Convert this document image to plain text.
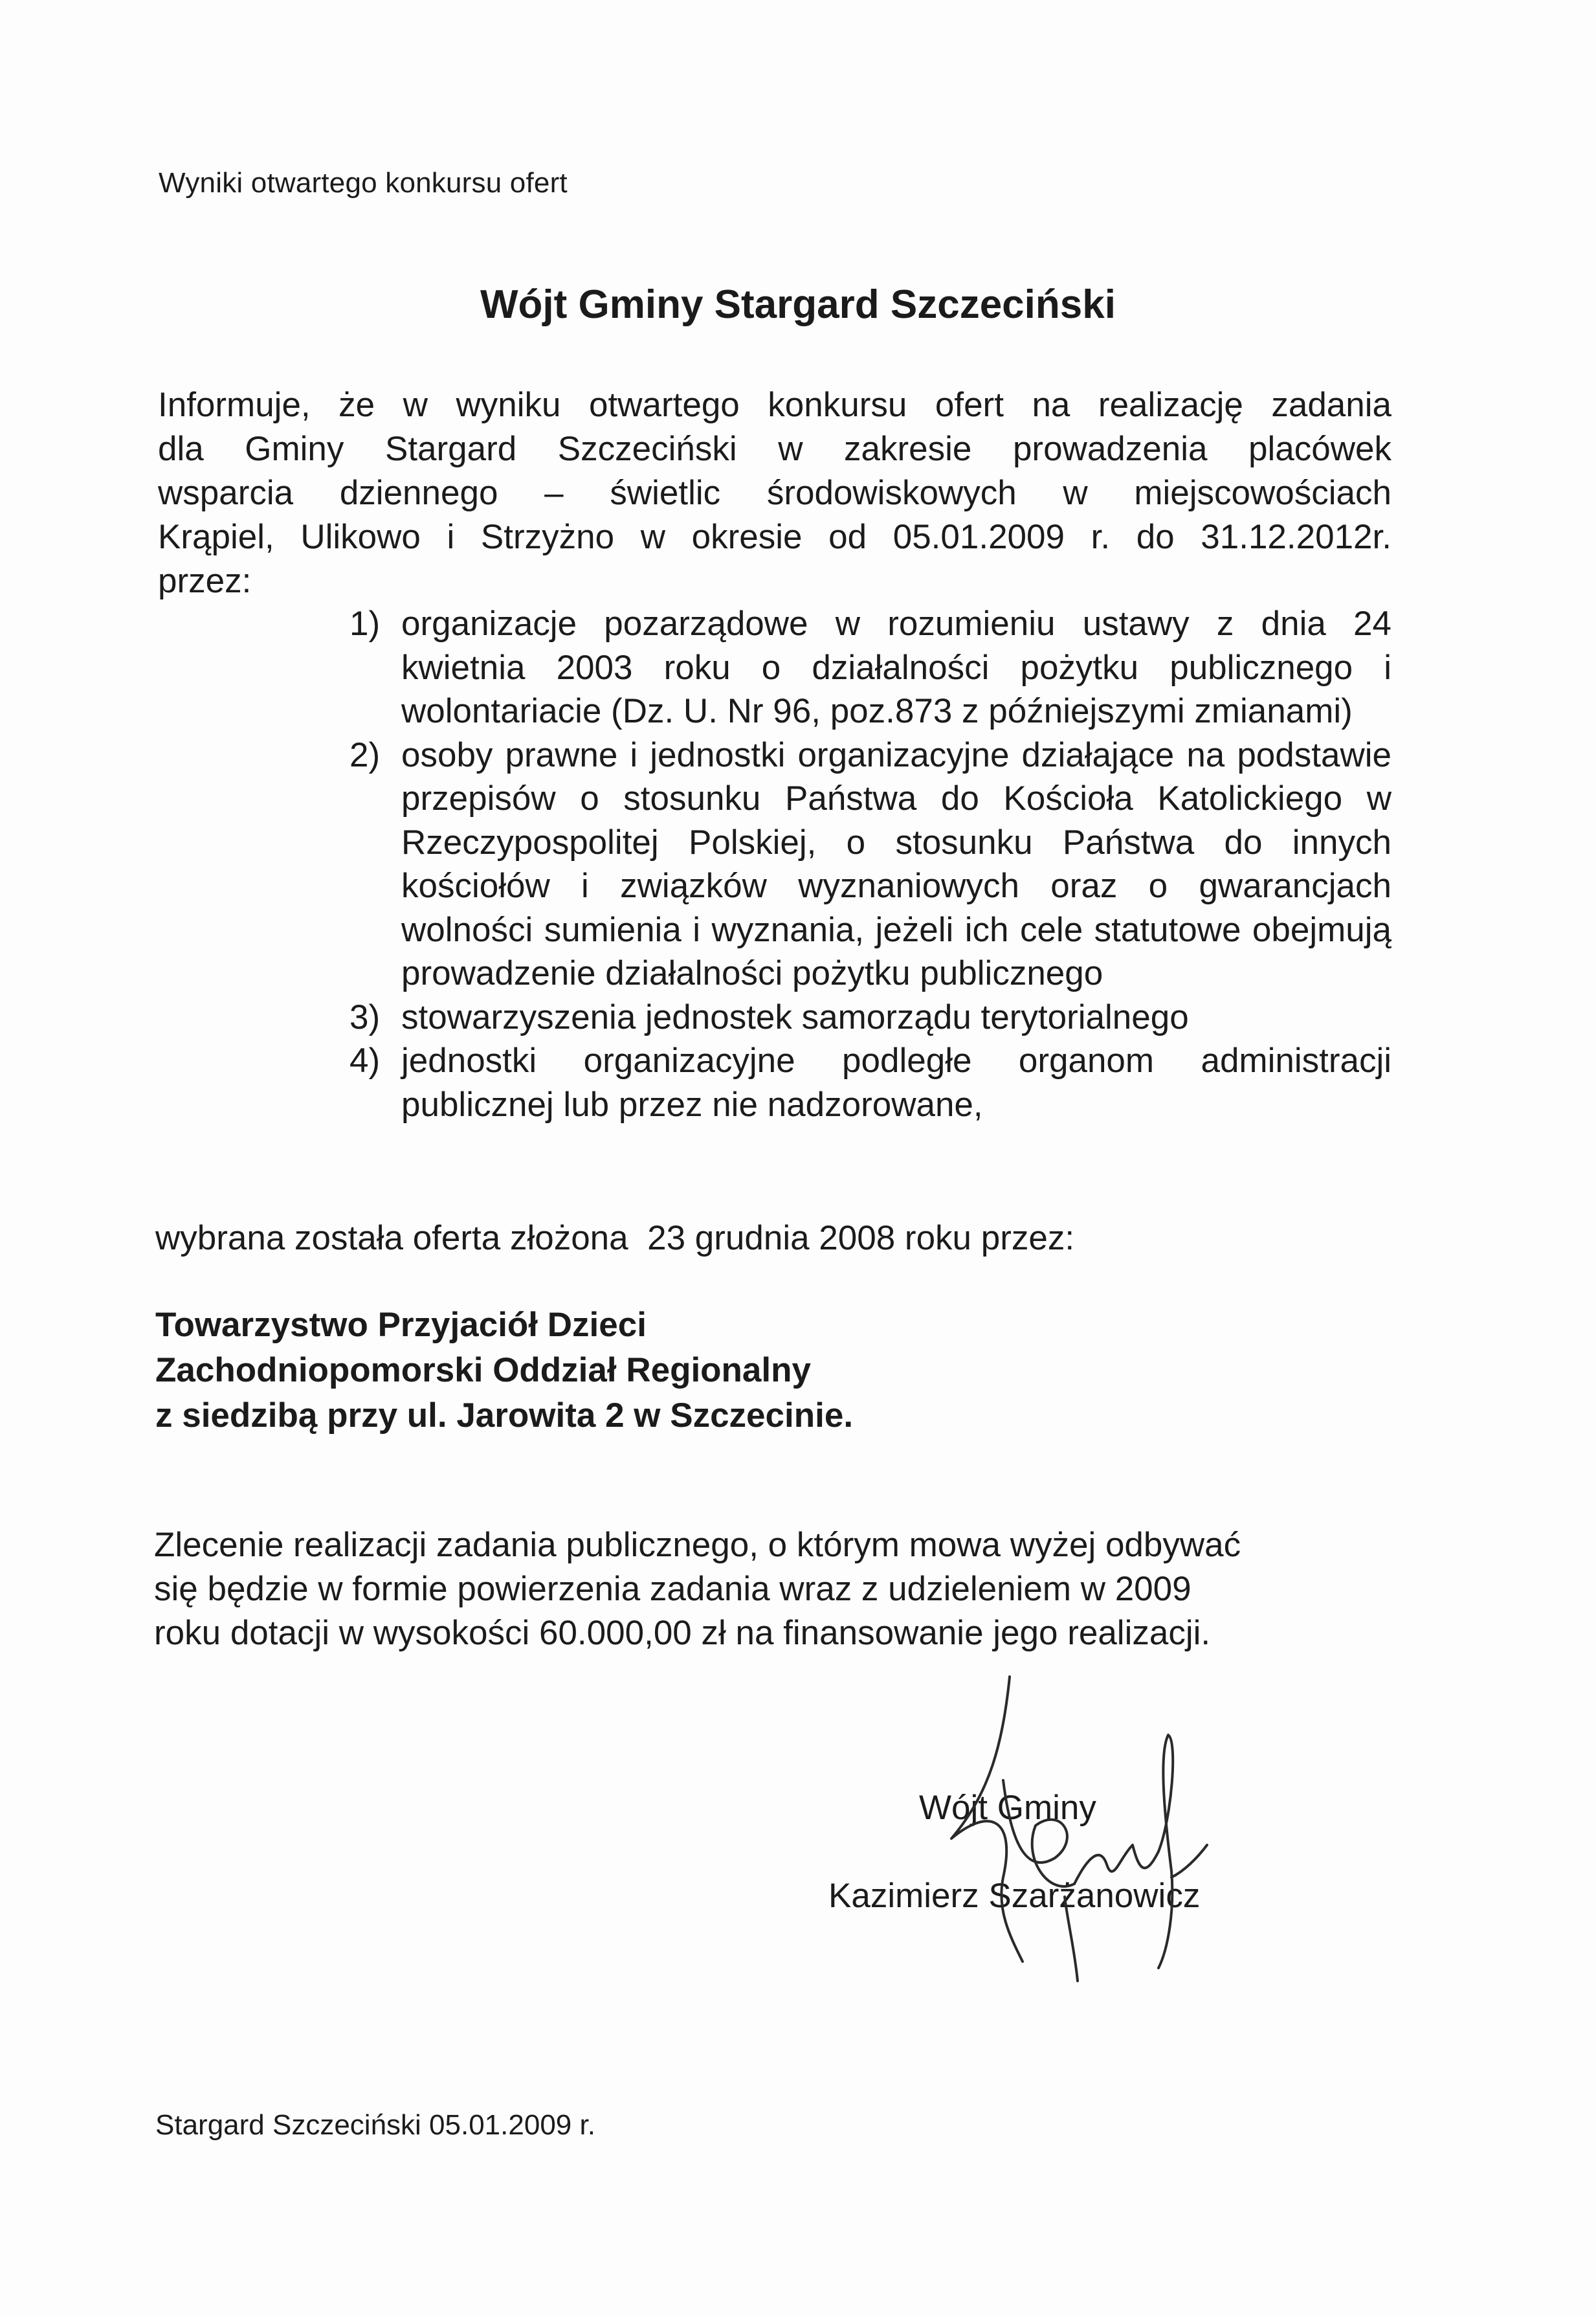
Wyniki otwartego konkursu ofert
Wójt Gminy Stargard Szczeciński
Informuje, że w wyniku otwartego konkursu ofert na realizację zadania
dla Gminy Stargard Szczeciński w zakresie prowadzenia placówek
wsparcia dziennego – świetlic środowiskowych w miejscowościach
Krąpiel, Ulikowo i Strzyżno w okresie od 05.01.2009 r. do 31.12.2012r.
przez:
1) organizacje pozarządowe w rozumieniu ustawy z dnia 24 kwietnia 2003 roku o działalności pożytku publicznego i wolontariacie (Dz. U. Nr 96, poz.873 z późniejszymi zmianami)
2) osoby prawne i jednostki organizacyjne działające na podstawie przepisów o stosunku Państwa do Kościoła Katolickiego w Rzeczypospolitej Polskiej, o stosunku Państwa do innych kościołów i związków wyznaniowych oraz o gwarancjach wolności sumienia i wyznania, jeżeli ich cele statutowe obejmują prowadzenie działalności pożytku publicznego
3) stowarzyszenia jednostek samorządu terytorialnego
4) jednostki organizacyjne podległe organom administracji publicznej lub przez nie nadzorowane,
wybrana została oferta złożona  23 grudnia 2008 roku przez:
Towarzystwo Przyjaciół Dzieci
Zachodniopomorski Oddział Regionalny
z siedzibą przy ul. Jarowita 2 w Szczecinie.
Zlecenie realizacji zadania publicznego, o którym mowa wyżej odbywać
się będzie w formie powierzenia zadania wraz z udzieleniem w 2009
roku dotacji w wysokości 60.000,00 zł na finansowanie jego realizacji.
Wójt Gminy
Kazimierz Szarżanowicz
Stargard Szczeciński 05.01.2009 r.
